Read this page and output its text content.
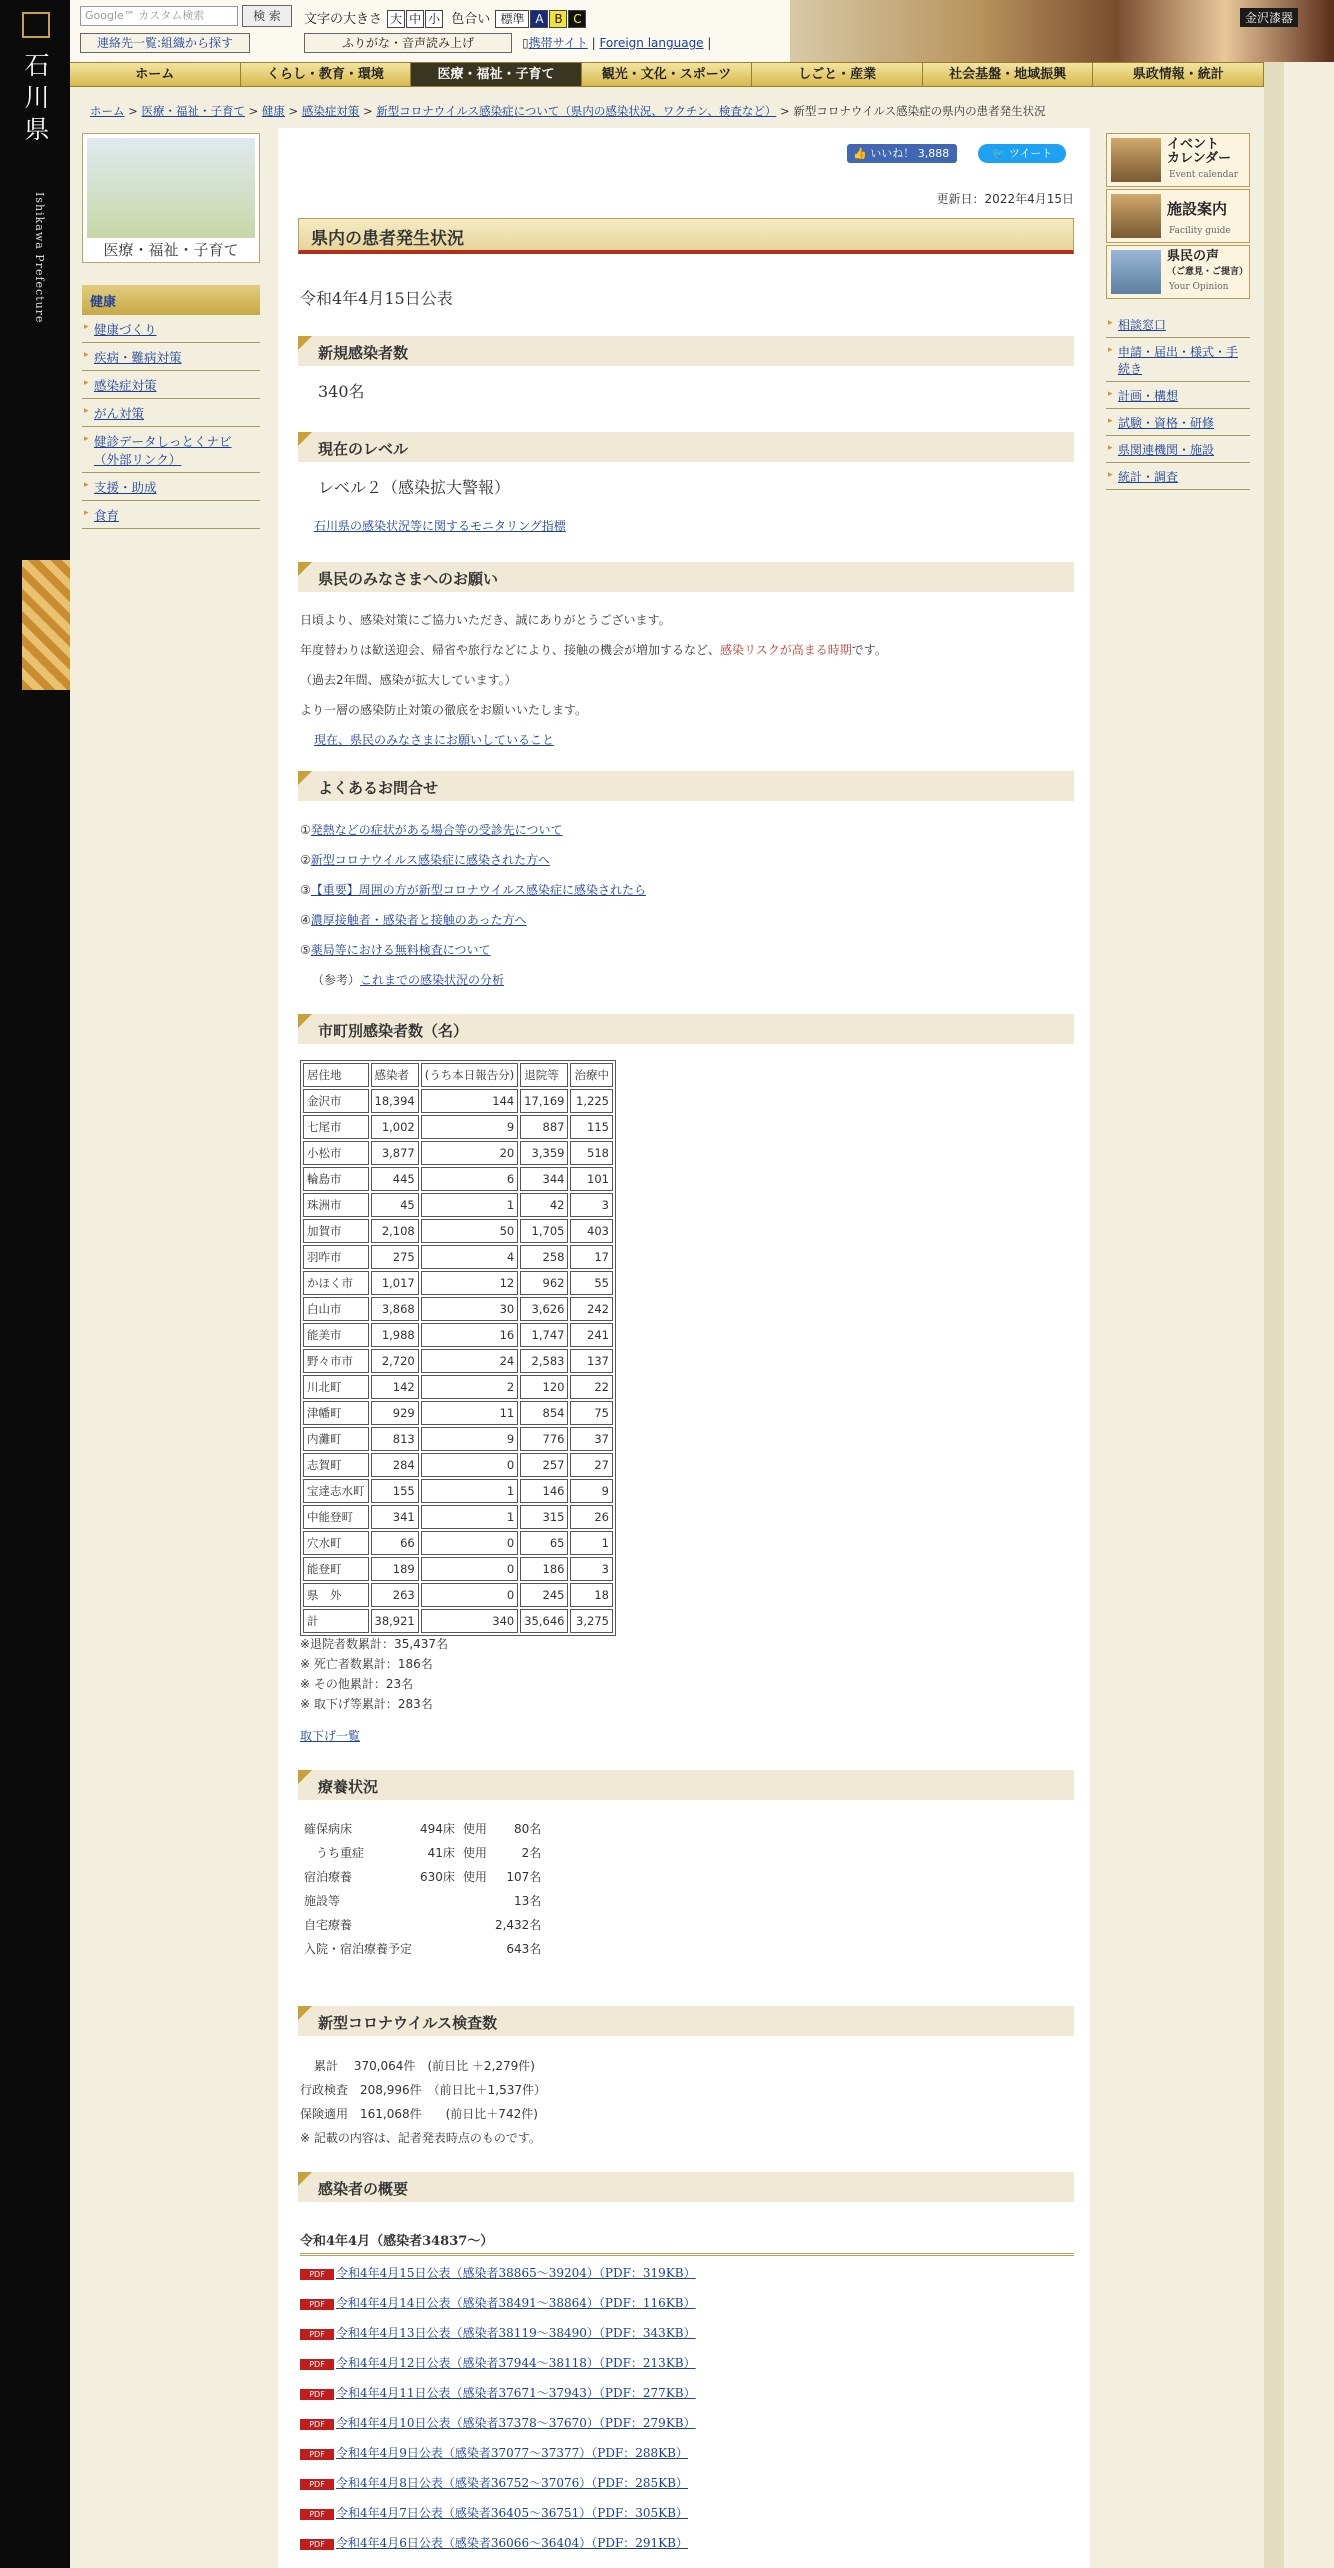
石川県
Ishikawa Prefecture
金沢漆器
Google™ カスタム検索	検 索	文字の大きさ 大 中 小 色合い 標準 A B C
連絡先一覧:組織から探す	ふりがな・音声読み上げ	▯携帯サイト | Foreign language |
ホーム	くらし・教育・環境	医療・福祉・子育て	観光・文化・スポーツ	しごと・産業	社会基盤・地域振興	県政情報・統計
ホーム > 医療・福祉・子育て > 健康 > 感染症対策 > 新型コロナウイルス感染症について（県内の感染状況、ワクチン、検査など） > 新型コロナウイルス感染症の県内の患者発生状況
医療・福祉・子育て
健康
▸ 健康づくり
▸ 疾病・難病対策
▸ 感染症対策
▸ がん対策
▸ 健診データしっとくナビ（外部リンク）
▸ 支援・助成
▸ 食育
👍 いいね！ 3,888	🐦 ツイート
更新日：2022年4月15日
県内の患者発生状況
令和4年4月15日公表
新規感染者数
340名
現在のレベル
レベル２（感染拡大警報）
石川県の感染状況等に関するモニタリング指標
県民のみなさまへのお願い
日頃より、感染対策にご協力いただき、誠にありがとうございます。
年度替わりは歓送迎会、帰省や旅行などにより、接触の機会が増加するなど、感染リスクが高まる時期です。
（過去2年間、感染が拡大しています。）
より一層の感染防止対策の徹底をお願いいたします。
現在、県民のみなさまにお願いしていること
よくあるお問合せ
①発熱などの症状がある場合等の受診先について
②新型コロナウイルス感染症に感染された方へ
③【重要】周囲の方が新型コロナウイルス感染症に感染されたら
④濃厚接触者・感染者と接触のあった方へ
⑤薬局等における無料検査について
（参考）これまでの感染状況の分析
市町別感染者数（名）
居住地	感染者	(うち本日報告分)	退院等	治療中
金沢市	18,394	144	17,169	1,225
七尾市	1,002	9	887	115
小松市	3,877	20	3,359	518
輪島市	445	6	344	101
珠洲市	45	1	42	3
加賀市	2,108	50	1,705	403
羽咋市	275	4	258	17
かほく市	1,017	12	962	55
白山市	3,868	30	3,626	242
能美市	1,988	16	1,747	241
野々市市	2,720	24	2,583	137
川北町	142	2	120	22
津幡町	929	11	854	75
内灘町	813	9	776	37
志賀町	284	0	257	27
宝達志水町	155	1	146	9
中能登町	341	1	315	26
穴水町	66	0	65	1
能登町	189	0	186	3
県　外	263	0	245	18
計	38,921	340	35,646	3,275
※退院者数累計：35,437名
※ 死亡者数累計：186名
※ その他累計：23名
※ 取下げ等累計：283名
取下げ一覧
療養状況
確保病床	494床	使用	80名
　うち重症	41床	使用	2名
宿泊療養	630床	使用	107名
施設等			13名
自宅療養			2,432名
入院・宿泊療養予定			643名
新型コロナウイルス検査数
累計　 370,064件　(前日比 ＋2,279件)
行政検査　208,996件　（前日比＋1,537件）
保険適用　161,068件　　(前日比＋742件)
※ 記載の内容は、記者発表時点のものです。
感染者の概要
令和4年4月（感染者34837～）
PDF 令和4年4月15日公表（感染者38865～39204）（PDF：319KB）
PDF 令和4年4月14日公表（感染者38491～38864）（PDF：116KB）
PDF 令和4年4月13日公表（感染者38119～38490）（PDF：343KB）
PDF 令和4年4月12日公表（感染者37944～38118）（PDF：213KB）
PDF 令和4年4月11日公表（感染者37671～37943）（PDF：277KB）
PDF 令和4年4月10日公表（感染者37378～37670）（PDF：279KB）
PDF 令和4年4月9日公表（感染者37077～37377）（PDF：288KB）
PDF 令和4年4月8日公表（感染者36752～37076）（PDF：285KB）
PDF 令和4年4月7日公表（感染者36405～36751）（PDF：305KB）
PDF 令和4年4月6日公表（感染者36066～36404）（PDF：291KB）
イベント
カレンダー
Event calendar
施設案内
Facility guide
県民の声
（ご意見・ご提言）
Your Opinion
▸ 相談窓口
▸ 申請・届出・様式・手続き
▸ 計画・構想
▸ 試験・資格・研修
▸ 県関連機関・施設
▸ 統計・調査
